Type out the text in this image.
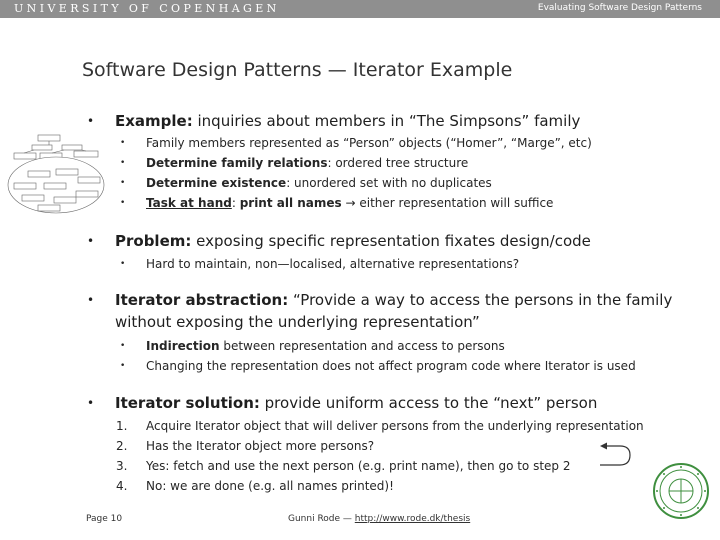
UNIVERSITY OF COPENHAGEN	Evaluating Software Design Patterns
Software Design Patterns — Iterator Example
• Example: inquiries about members in “The Simpsons” family
• Family members represented as “Person” objects (“Homer”, “Marge”, etc)
• Determine family relations: ordered tree structure
• Determine existence: unordered set with no duplicates
• Task at hand: print all names → either representation will suffice
• Problem: exposing specific representation fixates design/code
• Hard to maintain, non—localised, alternative representations?
• Iterator abstraction: “Provide a way to access the persons in the family
without exposing the underlying representation”
• Indirection between representation and access to persons
• Changing the representation does not affect program code where Iterator is used
• Iterator solution: provide uniform access to the “next” person
1. Acquire Iterator object that will deliver persons from the underlying representation
2. Has the Iterator object more persons?
3. Yes: fetch and use the next person (e.g. print name), then go to step 2
4. No: we are done (e.g. all names printed)!
Page 10	Gunni Rode — http://www.rode.dk/thesis
